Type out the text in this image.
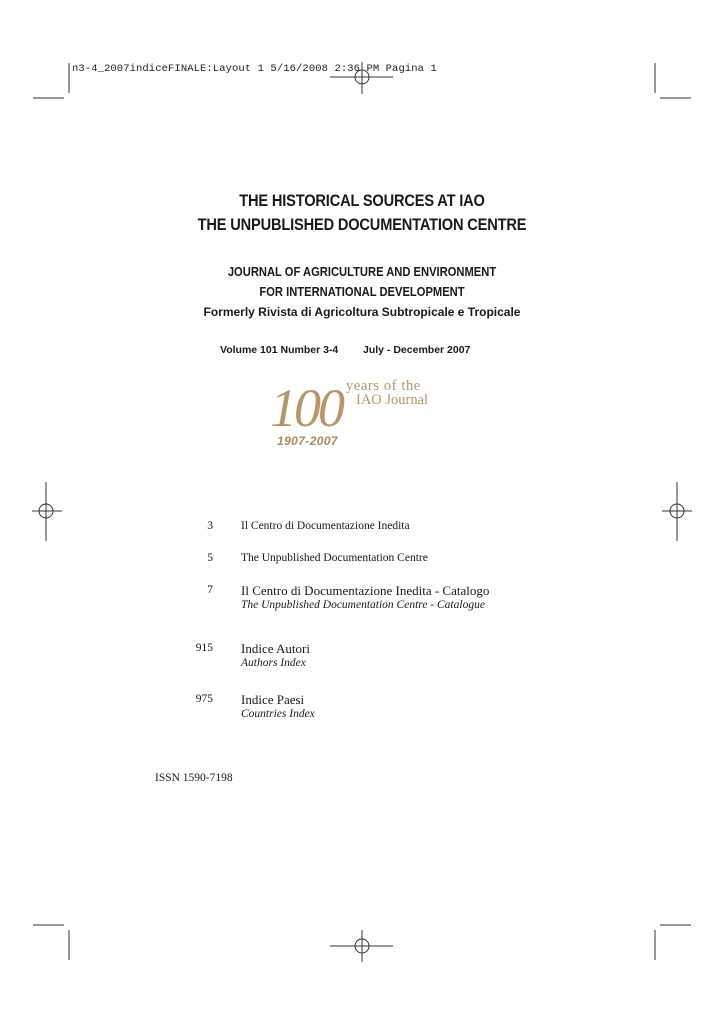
n3-4_2007indiceFINALE:Layout 1 5/16/2008 2:36 PM Pagina 1
THE HISTORICAL SOURCES AT IAO
THE UNPUBLISHED DOCUMENTATION CENTRE
JOURNAL OF AGRICULTURE AND ENVIRONMENT
FOR INTERNATIONAL DEVELOPMENT
Formerly Rivista di Agricoltura Subtropicale e Tropicale
Volume 101 Number 3-4 July - December 2007
100 years of the
IAO Journal
1907-2007
3 Il Centro di Documentazione Inedita
5 The Unpublished Documentation Centre
7 Il Centro di Documentazione Inedita - Catalogo
The Unpublished Documentation Centre - Catalogue
915 Indice Autori
Authors Index
975 Indice Paesi
Countries Index
ISSN 1590-7198
